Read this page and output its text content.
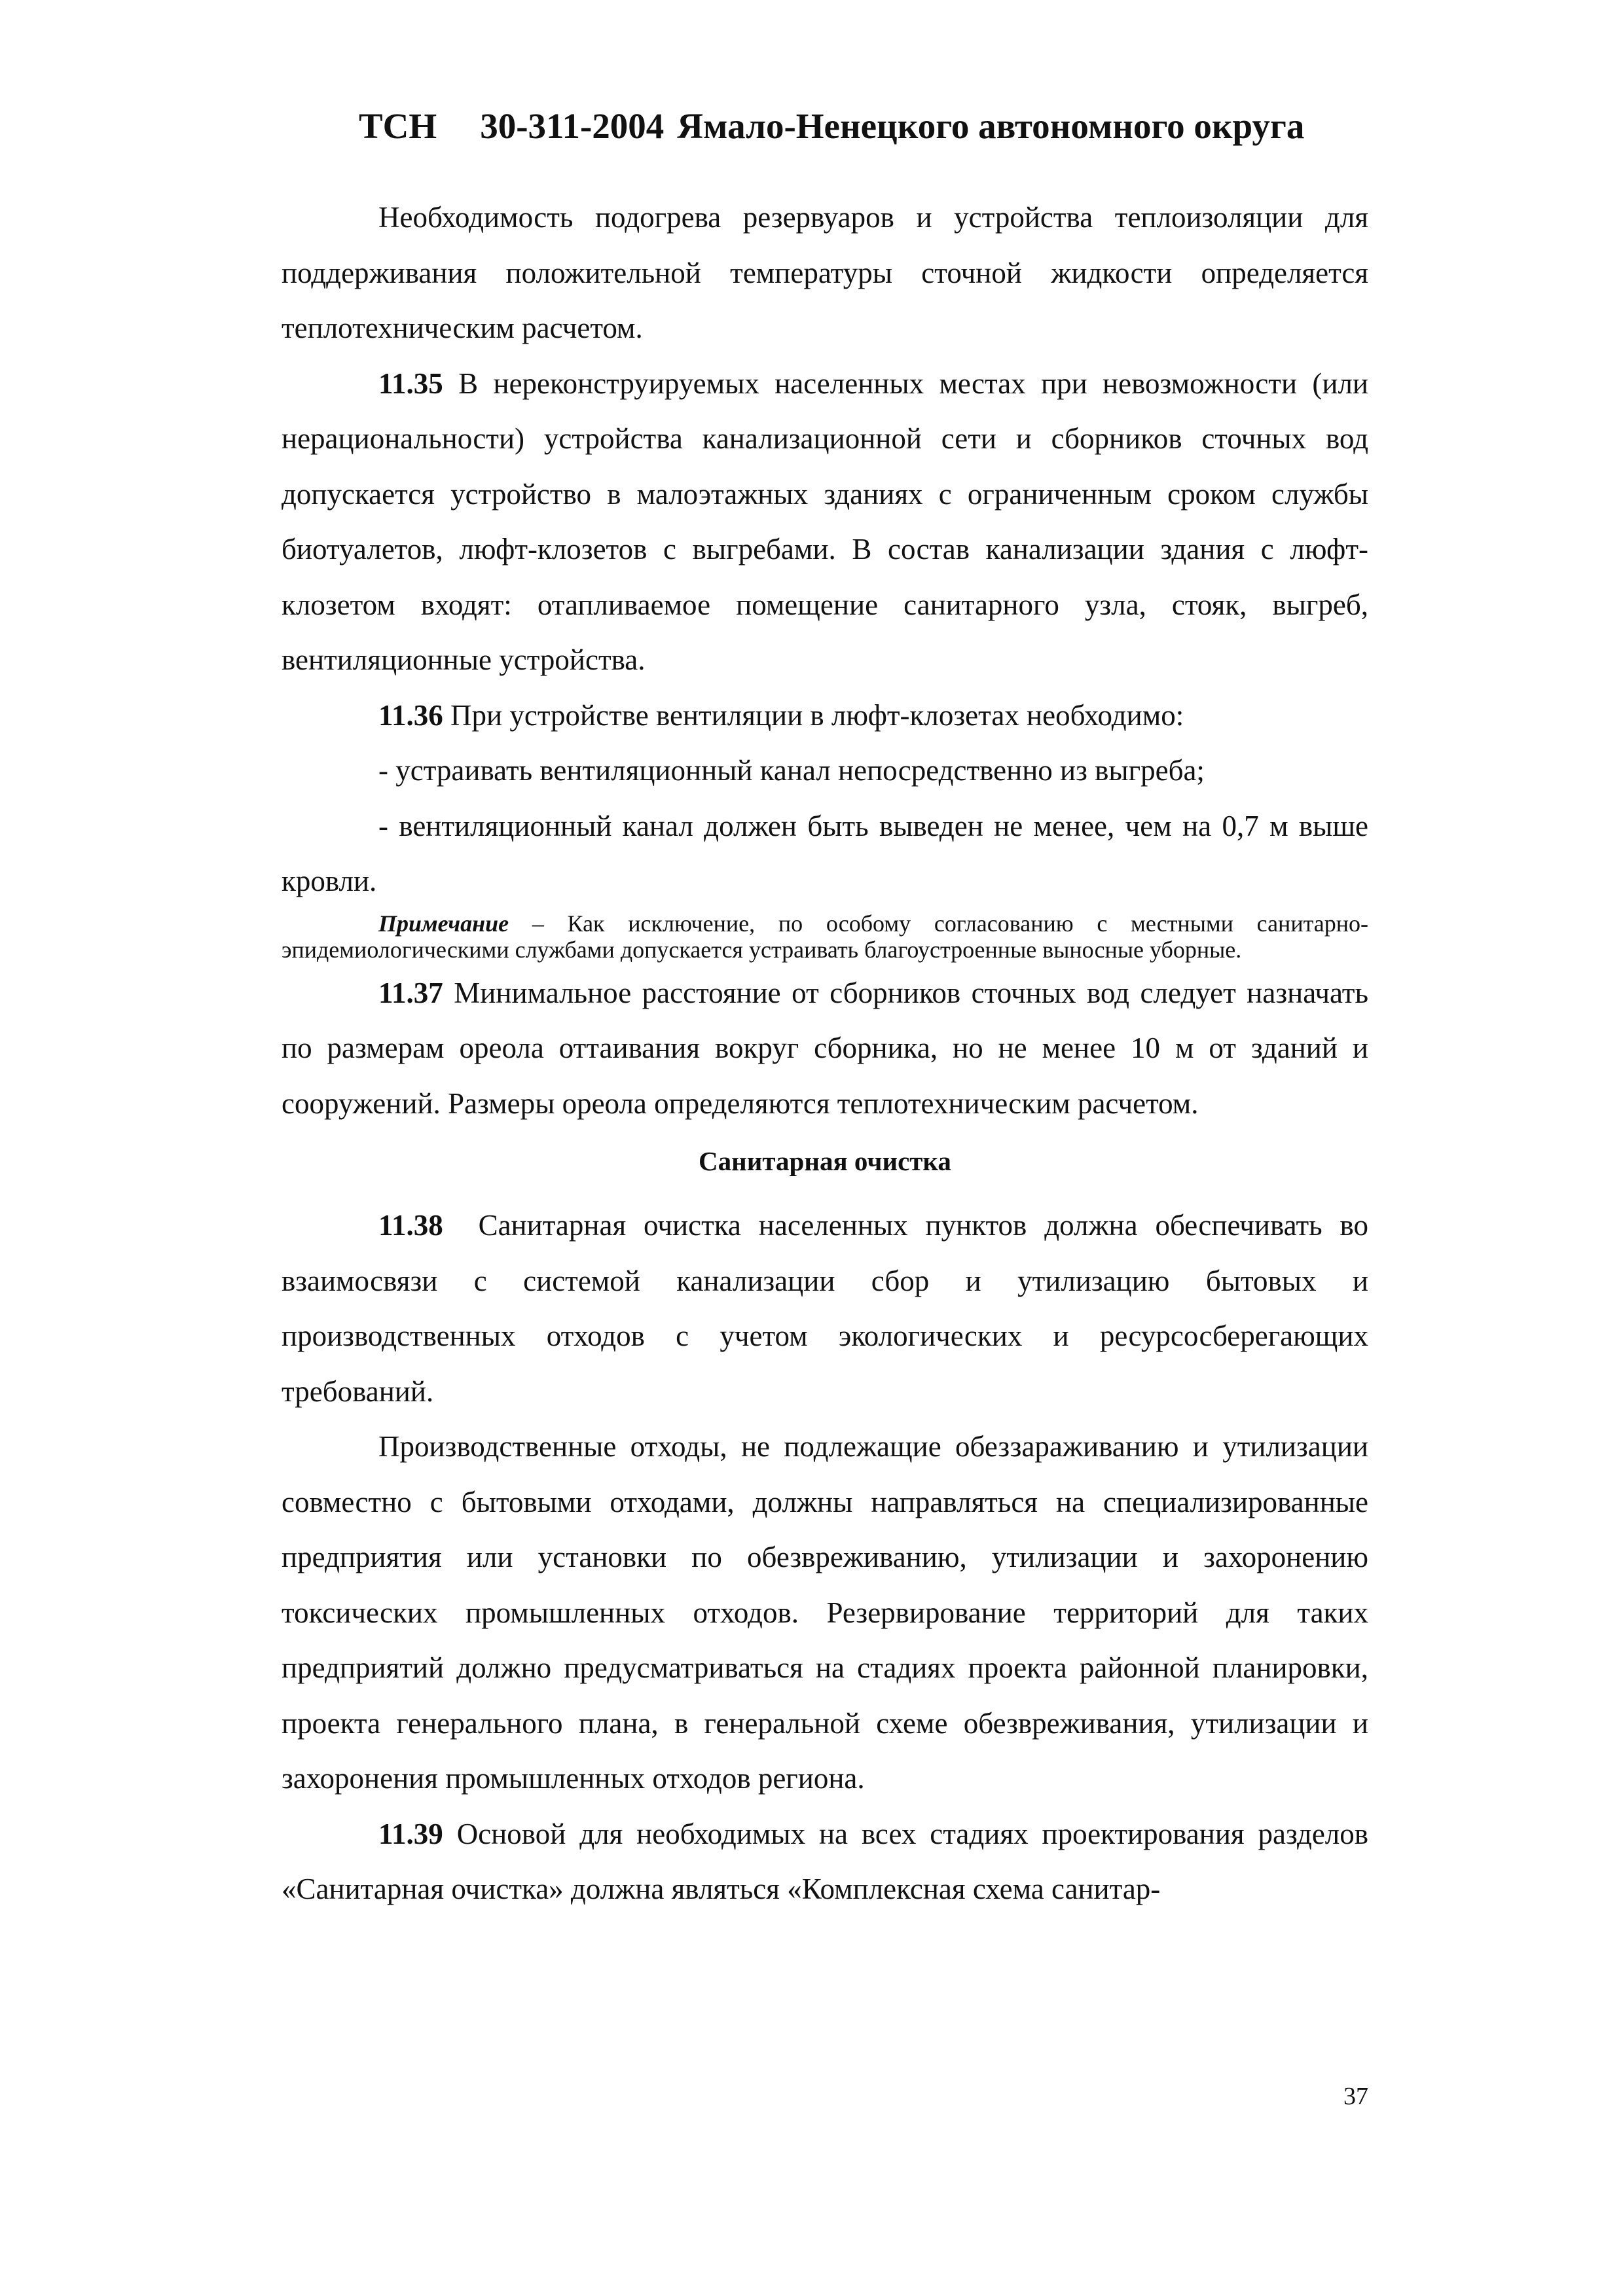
ТСН 30-311-2004 Ямало-Ненецкого автономного округа

Необходимость подогрева резервуаров и устройства теплоизоляции для поддерживания положительной температуры сточной жидкости определяется теплотехническим расчетом.

11.35 В нереконструируемых населенных местах при невозможности (или нерациональности) устройства канализационной сети и сборников сточных вод допускается устройство в малоэтажных зданиях с ограниченным сроком службы биотуалетов, люфт-клозетов с выгребами. В состав канализации здания с люфт-клозетом входят: отапливаемое помещение санитарного узла, стояк, выгреб, вентиляционные устройства.

11.36 При устройстве вентиляции в люфт-клозетах необходимо:

- устраивать вентиляционный канал непосредственно из выгреба;

- вентиляционный канал должен быть выведен не менее, чем на 0,7 м выше кровли.

Примечание – Как исключение, по особому согласованию с местными санитарно-эпидемиологическими службами допускается устраивать благоустроенные выносные уборные.

11.37 Минимальное расстояние от сборников сточных вод следует назначать по размерам ореола оттаивания вокруг сборника, но не менее 10 м от зданий и сооружений. Размеры ореола определяются теплотехническим расчетом.

Санитарная очистка

11.38 Санитарная очистка населенных пунктов должна обеспечивать во взаимосвязи с системой канализации сбор и утилизацию бытовых и производственных отходов с учетом экологических и ресурсосберегающих требований.

Производственные отходы, не подлежащие обеззараживанию и утилизации совместно с бытовыми отходами, должны направляться на специализированные предприятия или установки по обезвреживанию, утилизации и захоронению токсических промышленных отходов. Резервирование территорий для таких предприятий должно предусматриваться на стадиях проекта районной планировки, проекта генерального плана, в генеральной схеме обезвреживания, утилизации и захоронения промышленных отходов региона.

11.39 Основой для необходимых на всех стадиях проектирования разделов «Санитарная очистка» должна являться «Комплексная схема санитар-

37
